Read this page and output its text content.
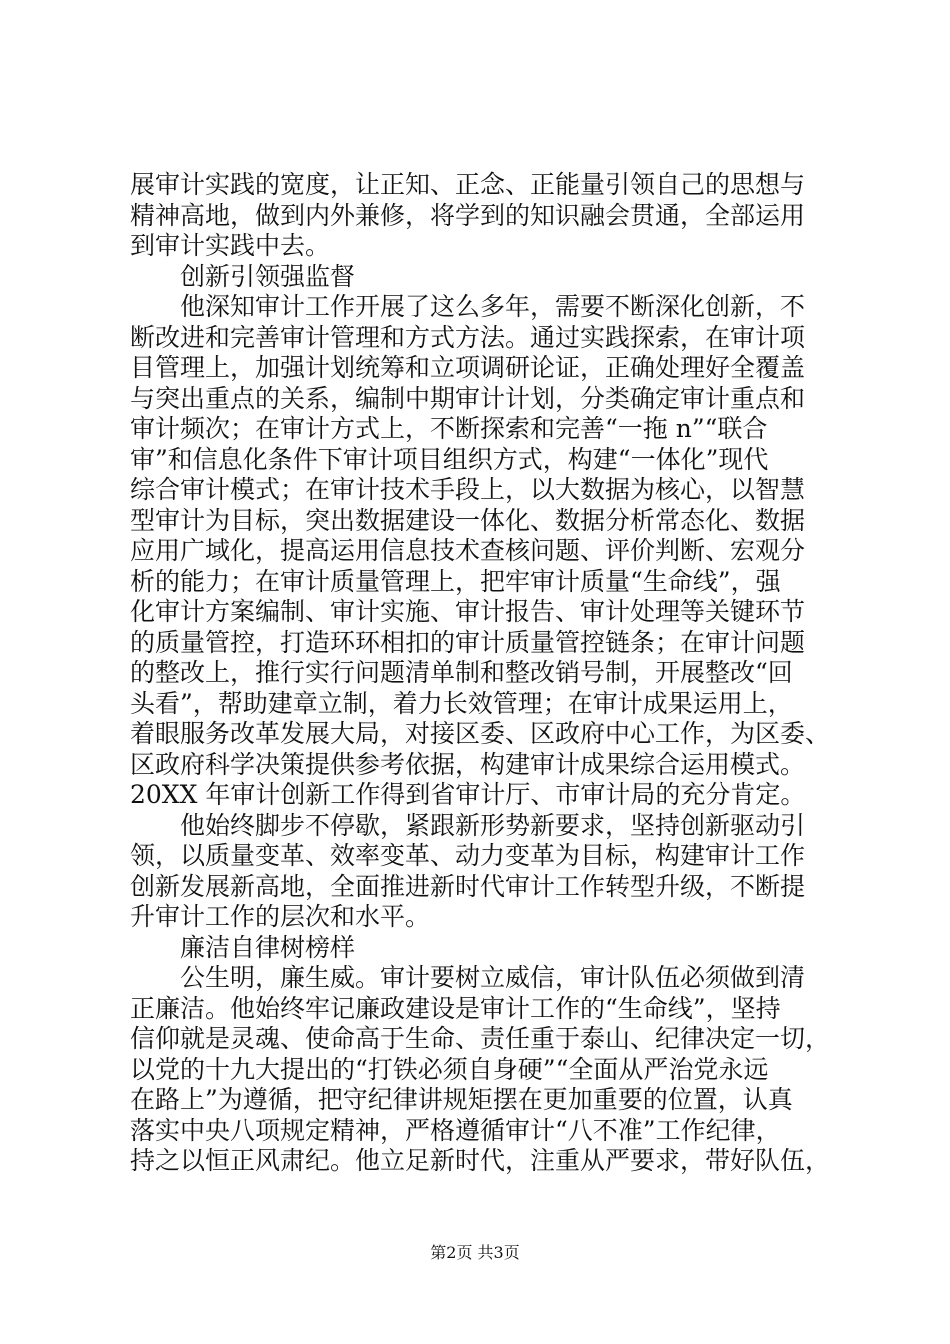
展审计实践的宽度，让正知、正念、正能量引领自己的思想与
精神高地，做到内外兼修，将学到的知识融会贯通，全部运用
到审计实践中去。
创新引领强监督
他深知审计工作开展了这么多年，需要不断深化创新，不
断改进和完善审计管理和方式方法。通过实践探索，在审计项
目管理上，加强计划统筹和立项调研论证，正确处理好全覆盖
与突出重点的关系，编制中期审计计划，分类确定审计重点和
审计频次；在审计方式上，不断探索和完善“一拖 n”“联合
审”和信息化条件下审计项目组织方式，构建“一体化”现代
综合审计模式；在审计技术手段上，以大数据为核心，以智慧
型审计为目标，突出数据建设一体化、数据分析常态化、数据
应用广域化，提高运用信息技术查核问题、评价判断、宏观分
析的能力；在审计质量管理上，把牢审计质量“生命线”，强
化审计方案编制、审计实施、审计报告、审计处理等关键环节
的质量管控，打造环环相扣的审计质量管控链条；在审计问题
的整改上，推行实行问题清单制和整改销号制，开展整改“回
头看”，帮助建章立制，着力长效管理；在审计成果运用上，
着眼服务改革发展大局，对接区委、区政府中心工作，为区委、
区政府科学决策提供参考依据，构建审计成果综合运用模式。
20XX 年审计创新工作得到省审计厅、市审计局的充分肯定。
他始终脚步不停歇，紧跟新形势新要求，坚持创新驱动引
领，以质量变革、效率变革、动力变革为目标，构建审计工作
创新发展新高地，全面推进新时代审计工作转型升级，不断提
升审计工作的层次和水平。
廉洁自律树榜样
公生明，廉生威。审计要树立威信，审计队伍必须做到清
正廉洁。他始终牢记廉政建设是审计工作的“生命线”，坚持
信仰就是灵魂、使命高于生命、责任重于泰山、纪律决定一切，
以党的十九大提出的“打铁必须自身硬”“全面从严治党永远
在路上”为遵循，把守纪律讲规矩摆在更加重要的位置，认真
落实中央八项规定精神，严格遵循审计“八不准”工作纪律，
持之以恒正风肃纪。他立足新时代，注重从严要求，带好队伍，
第2页 共3页
